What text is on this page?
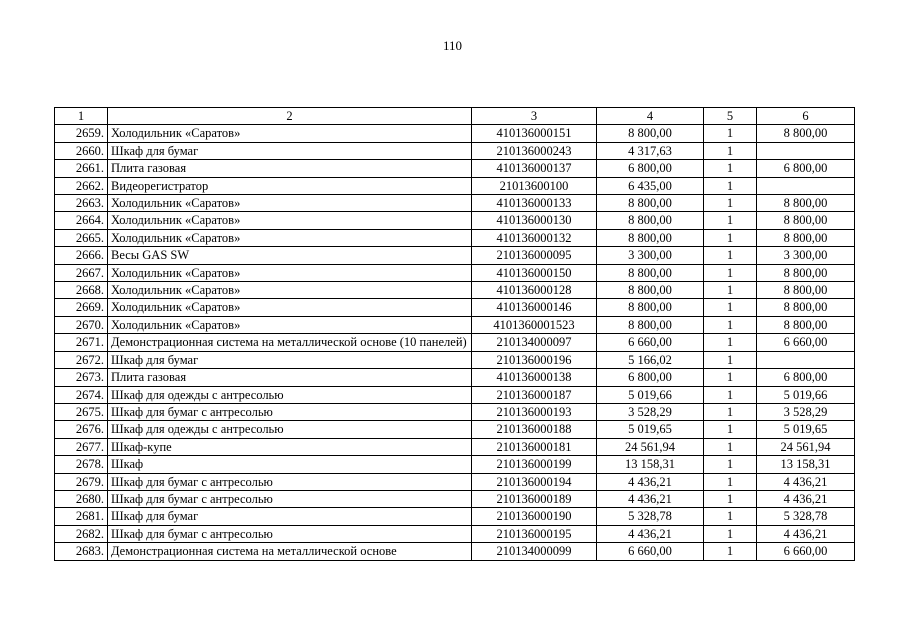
110
1	2	3	4	5	6
2659.	Холодильник «Саратов»	410136000151	8 800,00	1	8 800,00
2660.	Шкаф для бумаг	210136000243	4 317,63	1	
2661.	Плита газовая	410136000137	6 800,00	1	6 800,00
2662.	Видеорегистратор	21013600100	6 435,00	1	
2663.	Холодильник «Саратов»	410136000133	8 800,00	1	8 800,00
2664.	Холодильник «Саратов»	410136000130	8 800,00	1	8 800,00
2665.	Холодильник «Саратов»	410136000132	8 800,00	1	8 800,00
2666.	Весы GAS SW	210136000095	3 300,00	1	3 300,00
2667.	Холодильник «Саратов»	410136000150	8 800,00	1	8 800,00
2668.	Холодильник «Саратов»	410136000128	8 800,00	1	8 800,00
2669.	Холодильник «Саратов»	410136000146	8 800,00	1	8 800,00
2670.	Холодильник «Саратов»	4101360001523	8 800,00	1	8 800,00
2671.	Демонстрационная система на металлической основе (10 панелей)	210134000097	6 660,00	1	6 660,00
2672.	Шкаф для бумаг	210136000196	5 166,02	1	
2673.	Плита газовая	410136000138	6 800,00	1	6 800,00
2674.	Шкаф для одежды с антресолью	210136000187	5 019,66	1	5 019,66
2675.	Шкаф для бумаг с антресолью	210136000193	3 528,29	1	3 528,29
2676.	Шкаф для одежды с антресолью	210136000188	5 019,65	1	5 019,65
2677.	Шкаф-купе	210136000181	24 561,94	1	24 561,94
2678.	Шкаф	210136000199	13 158,31	1	13 158,31
2679.	Шкаф для бумаг с антресолью	210136000194	4 436,21	1	4 436,21
2680.	Шкаф для бумаг с антресолью	210136000189	4 436,21	1	4 436,21
2681.	Шкаф для бумаг	210136000190	5 328,78	1	5 328,78
2682.	Шкаф для бумаг с антресолью	210136000195	4 436,21	1	4 436,21
2683.	Демонстрационная система на металлической основе	210134000099	6 660,00	1	6 660,00
